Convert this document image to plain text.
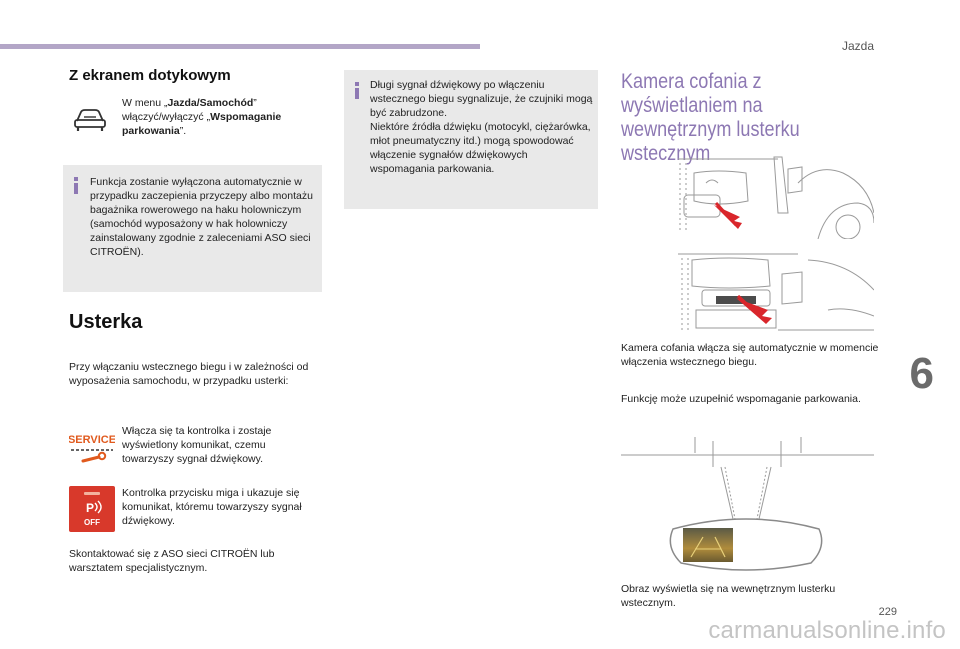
Jazda
Z ekranem dotykowym
W menu „Jazda/Samochód” włączyć/wyłączyć „Wspomaganie parkowania”.
Funkcja zostanie wyłączona automatycznie w przypadku zaczepienia przyczepy albo montażu bagażnika rowerowego na haku holowniczym (samochód wyposażony w hak holowniczy zainstalowany zgodnie z zaleceniami ASO sieci CITROËN).
Usterka
Przy włączaniu wstecznego biegu i w zależności od wyposażenia samochodu, w przypadku usterki:
SERVICE
Włącza się ta kontrolka i zostaje wyświetlony komunikat, czemu towarzyszy sygnał dźwiękowy.
P
OFF
Kontrolka przycisku miga i ukazuje się komunikat, któremu towarzyszy sygnał dźwiękowy.
Skontaktować się z ASO sieci CITROËN lub warsztatem specjalistycznym.
Długi sygnał dźwiękowy po włączeniu wstecznego biegu sygnalizuje, że czujniki mogą być zabrudzone.
Niektóre źródła dźwięku (motocykl, ciężarówka, młot pneumatyczny itd.) mogą spowodować włączenie sygnałów dźwiękowych wspomagania parkowania.
Kamera cofania z wyświetlaniem na wewnętrznym lusterku wstecznym
Kamera cofania włącza się automatycznie w momencie włączenia wstecznego biegu.
Funkcję może uzupełnić wspomaganie parkowania.
Obraz wyświetla się na wewnętrznym lusterku wstecznym.
6
229
carmanualsonline.info
